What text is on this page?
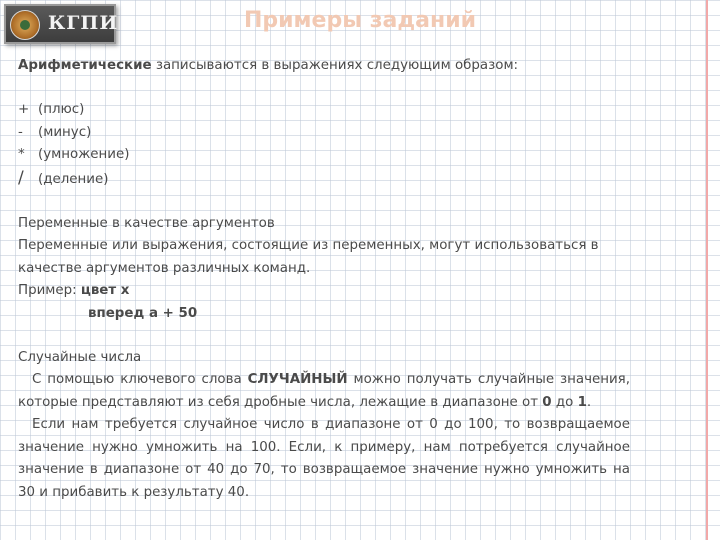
КГПИ	Примеры заданий

Арифметические записываются в выражениях следующим образом:

+ (плюс)

- (минус)

* (умножение)

/ (деление)

Переменные в качестве аргументов

Переменные или выражения, состоящие из переменных, могут использоваться в качестве аргументов различных команд.

Пример: цвет х

вперед а + 50

Случайные числа

С помощью ключевого слова СЛУЧАЙНЫЙ можно получать случайные значения, которые представляют из себя дробные числа, лежащие в диапазоне от 0 до 1.

Если нам требуется случайное число в диапазоне от 0 до 100, то возвращаемое значение нужно умножить на 100. Если, к примеру, нам потребуется случайное значение в диапазоне от 40 до 70, то возвращаемое значение нужно умножить на 30 и прибавить к результату 40.
